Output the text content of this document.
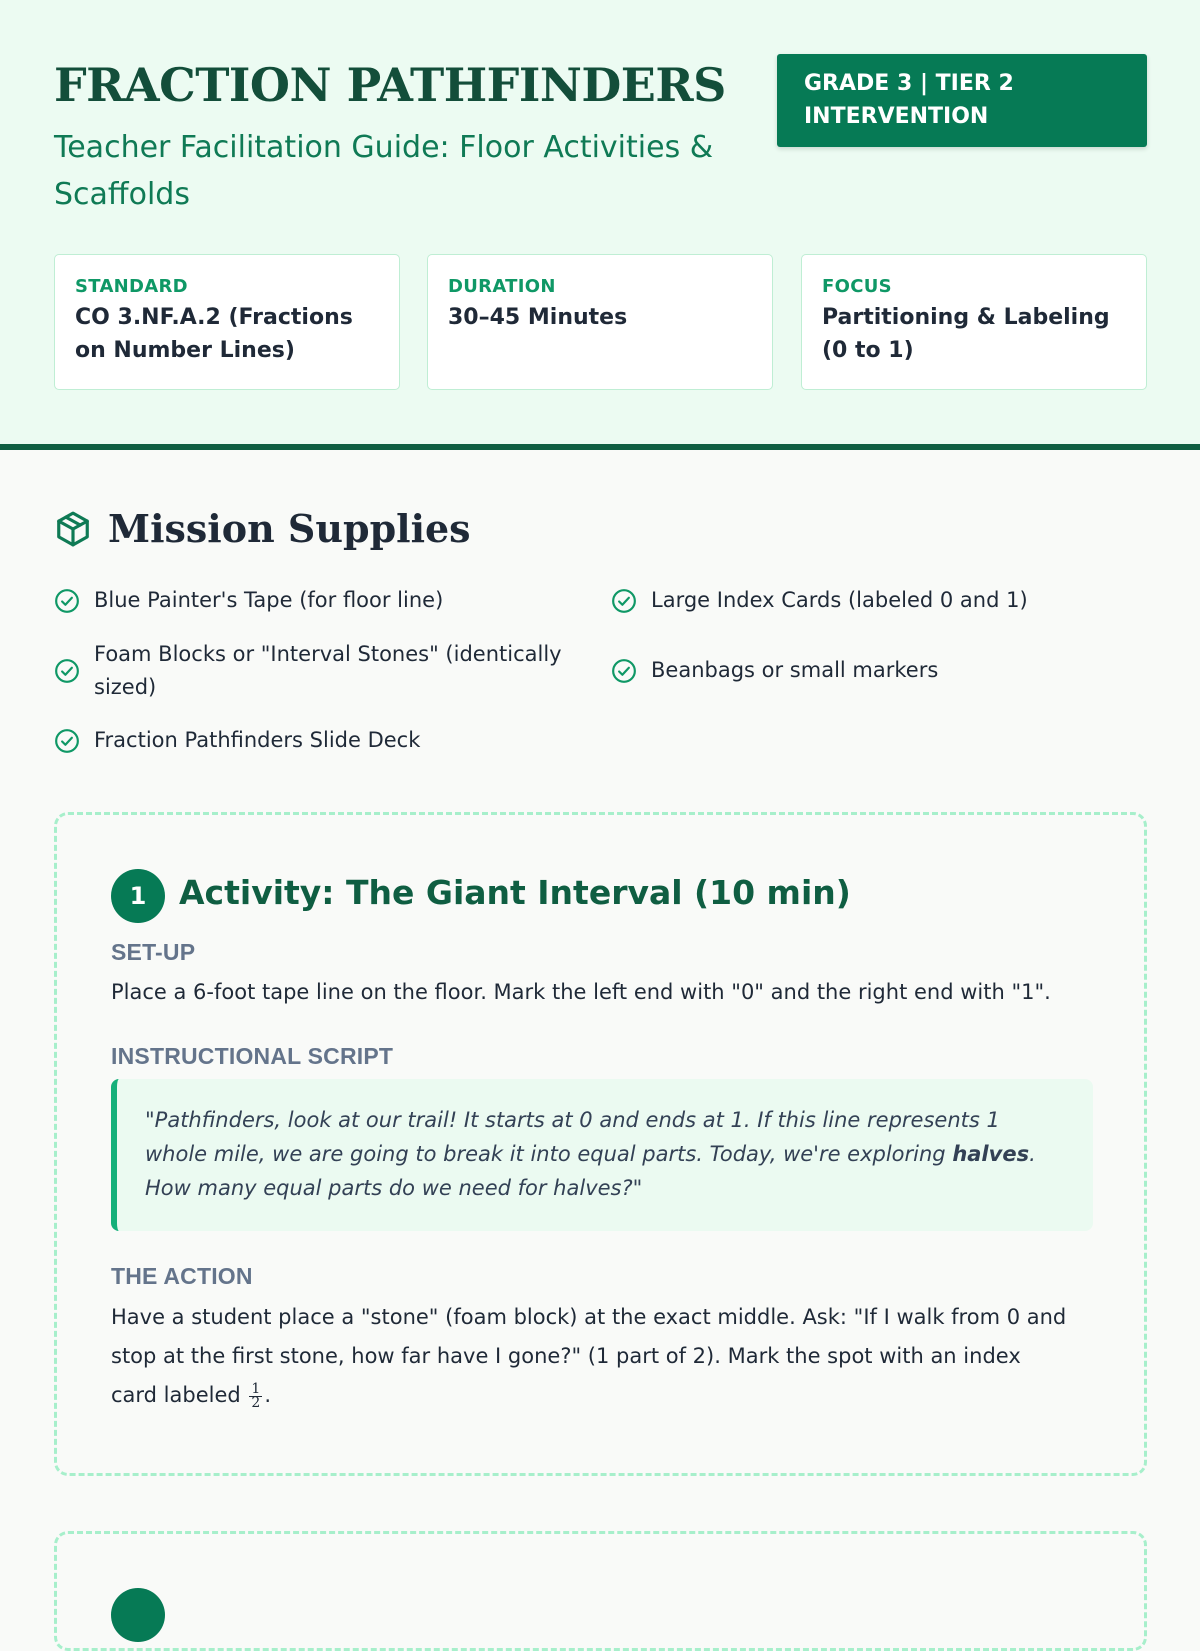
FRACTION PATHFINDERS
Teacher Facilitation Guide: Floor Activities & Scaffolds
GRADE 3 | TIER 2
INTERVENTION
STANDARD
CO 3.NF.A.2 (Fractions on Number Lines)
DURATION
30–45 Minutes
FOCUS
Partitioning & Labeling (0 to 1)
Mission Supplies
Blue Painter's Tape (for floor line)	Large Index Cards (labeled 0 and 1)
Foam Blocks or "Interval Stones" (identically sized)
Beanbags or small markers
Fraction Pathfinders Slide Deck
1 Activity: The Giant Interval (10 min)
SET-UP
Place a 6-foot tape line on the floor. Mark the left end with "0" and the right end with "1".
INSTRUCTIONAL SCRIPT
"Pathfinders, look at our trail! It starts at 0 and ends at 1. If this line represents 1 whole mile, we are going to break it into equal parts. Today, we're exploring halves. How many equal parts do we need for halves?"
THE ACTION
Have a student place a "stone" (foam block) at the exact middle. Ask: "If I walk from 0 and stop at the first stone, how far have I gone?" (1 part of 2). Mark the spot with an index card labeled $\frac{1}{2}$ .
